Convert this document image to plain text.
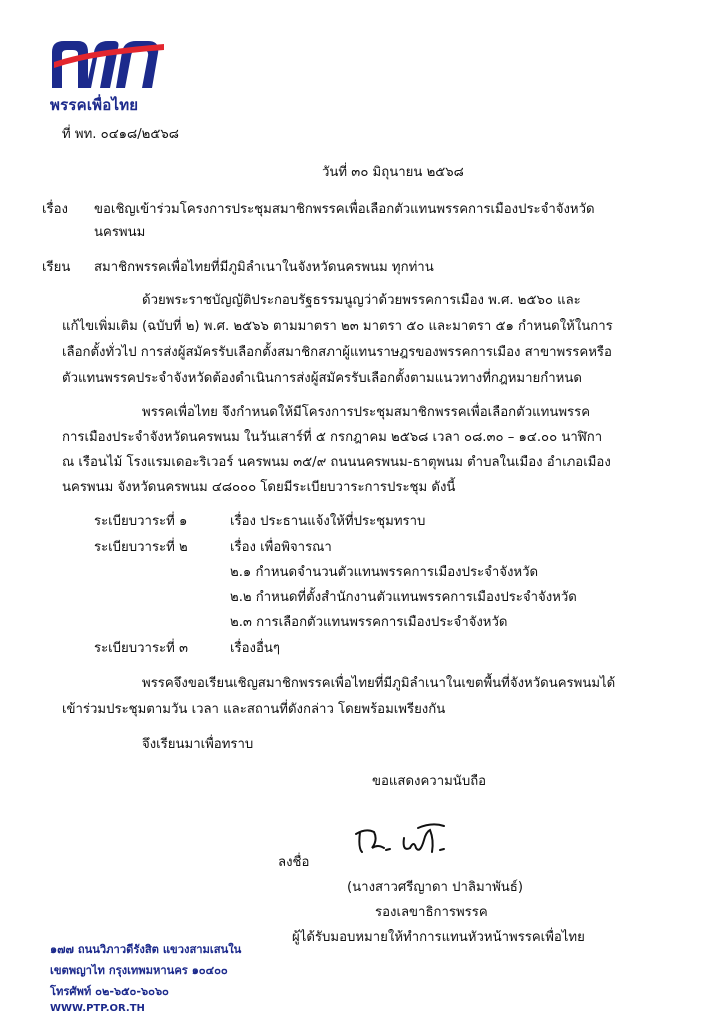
พรรคเพื่อไทย
ที่ พท. ๐๔๑๘/๒๕๖๘
วันที่ ๓๐ มิถุนายน ๒๕๖๘
เรื่อง ขอเชิญเข้าร่วมโครงการประชุมสมาชิกพรรคเพื่อเลือกตัวแทนพรรคการเมืองประจำจังหวัด
นครพนม
เรียน สมาชิกพรรคเพื่อไทยที่มีภูมิลำเนาในจังหวัดนครพนม ทุกท่าน
ด้วยพระราชบัญญัติประกอบรัฐธรรมนูญว่าด้วยพรรคการเมือง พ.ศ. ๒๕๖๐ และ
แก้ไขเพิ่มเติม (ฉบับที่ ๒) พ.ศ. ๒๕๖๖ ตามมาตรา ๒๓ มาตรา ๕๐ และมาตรา ๕๑ กำหนดให้ในการ
เลือกตั้งทั่วไป การส่งผู้สมัครรับเลือกตั้งสมาชิกสภาผู้แทนราษฎรของพรรคการเมือง สาขาพรรคหรือ
ตัวแทนพรรคประจำจังหวัดต้องดำเนินการส่งผู้สมัครรับเลือกตั้งตามแนวทางที่กฎหมายกำหนด
พรรคเพื่อไทย จึงกำหนดให้มีโครงการประชุมสมาชิกพรรคเพื่อเลือกตัวแทนพรรค
การเมืองประจำจังหวัดนครพนม ในวันเสาร์ที่ ๕ กรกฎาคม ๒๕๖๘ เวลา ๐๘.๓๐ – ๑๔.๐๐ นาฬิกา
ณ เรือนไม้ โรงแรมเดอะริเวอร์ นครพนม ๓๕/๙ ถนนนครพนม-ธาตุพนม ตำบลในเมือง อำเภอเมือง
นครพนม จังหวัดนครพนม ๔๘๐๐๐ โดยมีระเบียบวาระการประชุม ดังนี้
ระเบียบวาระที่ ๑	เรื่อง ประธานแจ้งให้ที่ประชุมทราบ
ระเบียบวาระที่ ๒	เรื่อง เพื่อพิจารณา
๒.๑ กำหนดจำนวนตัวแทนพรรคการเมืองประจำจังหวัด
๒.๒ กำหนดที่ตั้งสำนักงานตัวแทนพรรคการเมืองประจำจังหวัด
๒.๓ การเลือกตัวแทนพรรคการเมืองประจำจังหวัด
ระเบียบวาระที่ ๓	เรื่องอื่นๆ
พรรคจึงขอเรียนเชิญสมาชิกพรรคเพื่อไทยที่มีภูมิลำเนาในเขตพื้นที่จังหวัดนครพนมได้
เข้าร่วมประชุมตามวัน เวลา และสถานที่ดังกล่าว โดยพร้อมเพรียงกัน
จึงเรียนมาเพื่อทราบ
ขอแสดงความนับถือ
ลงชื่อ
(นางสาวศรีญาดา ปาลิมาพันธ์)
รองเลขาธิการพรรค
ผู้ได้รับมอบหมายให้ทำการแทนหัวหน้าพรรคเพื่อไทย
๑๗๗ ถนนวิภาวดีรังสิต แขวงสามเสนใน
เขตพญาไท กรุงเทพมหานคร ๑๐๔๐๐
โทรศัพท์ ๐๒-๖๕๐-๖๐๖๐
WWW.PTP.OR.TH
